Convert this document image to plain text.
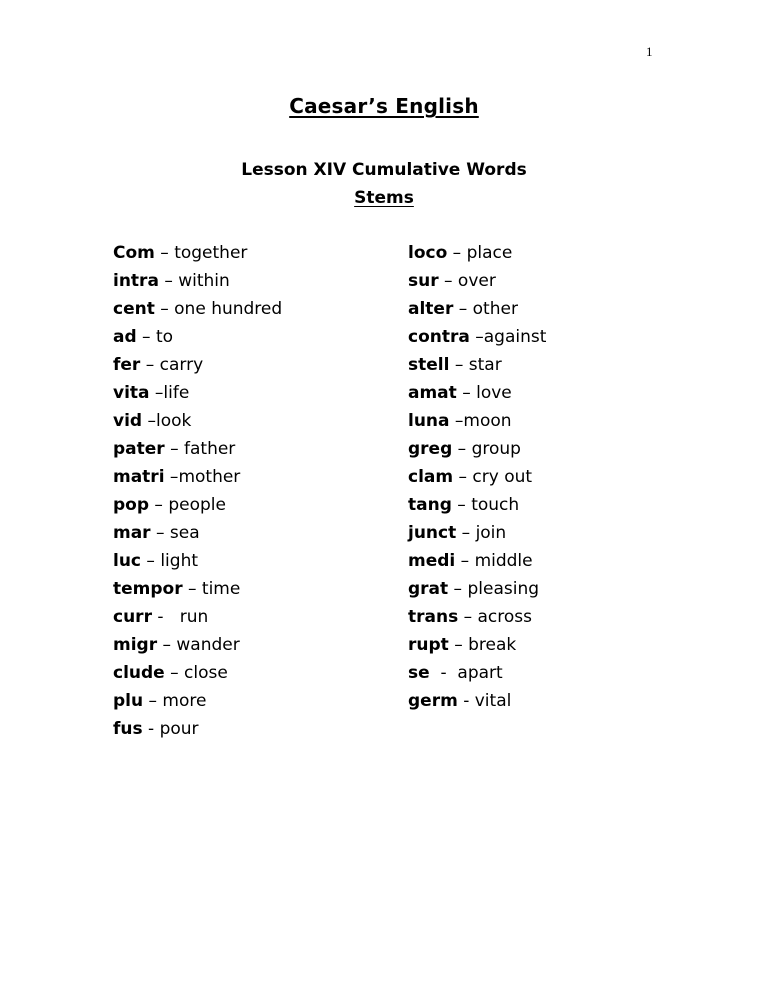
1
Caesar’s English
Lesson XIV Cumulative Words
Stems
Com – together
intra – within
cent – one hundred
ad – to
fer – carry
vita –life
vid –look
pater – father
matri –mother
pop – people
mar – sea
luc – light
tempor – time
curr -   run
migr – wander
clude – close
plu – more
fus - pour
loco – place
sur – over
alter – other
contra –against
stell – star
amat – love
luna –moon
greg – group
clam – cry out
tang – touch
junct – join
medi – middle
grat – pleasing
trans – across
rupt – break
se  -  apart
germ - vital
